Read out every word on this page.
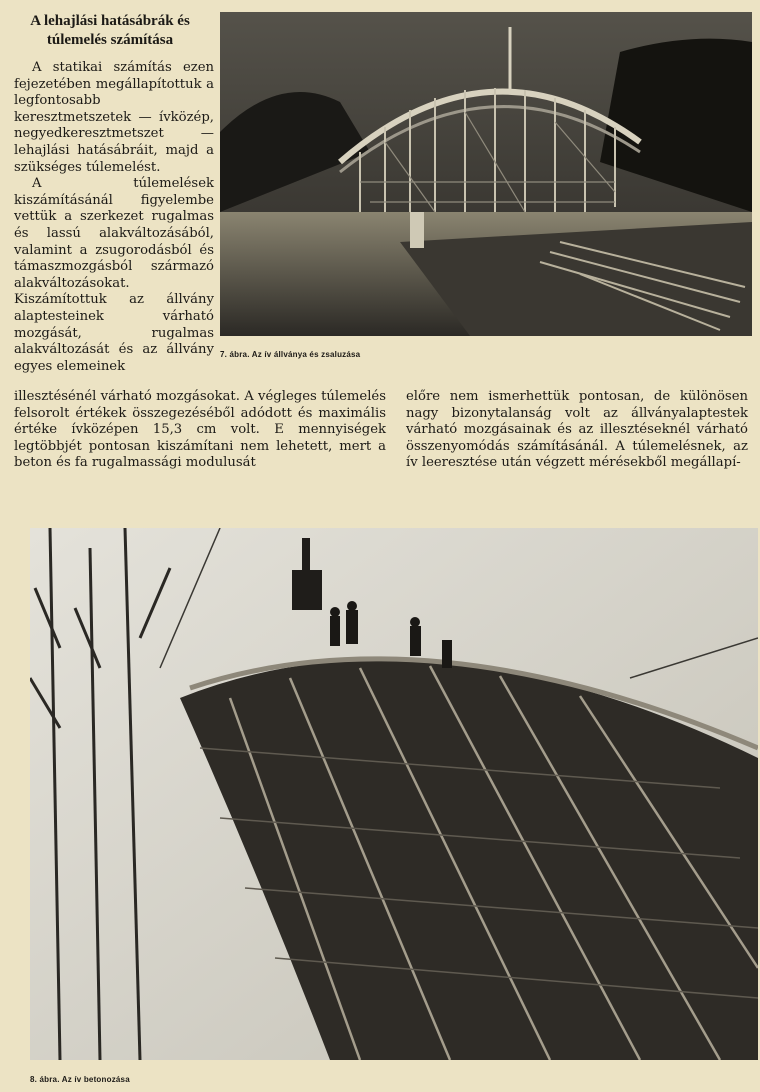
A lehajlási hatásábrák és
túlemelés számítása

A statikai számítás ezen fejezetében megállapítottuk a legfontosabb keresztmetszetek — ívközép, negyedkeresztmetszet — lehajlási hatásábráit, majd a szükséges túlemelést.

A túlemelések kiszámításánál figyelembe vettük a szerkezet rugalmas és lassú alakváltozásából, valamint a zsugorodásból és támaszmozgásból származó alakváltozásokat. Kiszámítottuk az állvány alaptesteinek várható mozgását, rugalmas alakváltozását és az állvány egyes elemeinek

7. ábra. Az ív állványa és zsaluzása

illesztésénél várható mozgásokat. A végleges túlemelés felsorolt értékek összegezéséből adódott és maximális értéke ívközépen 15,3 cm volt. E mennyiségek legtöbbjét pontosan kiszámítani nem lehetett, mert a beton és fa rugalmassági modulusát

előre nem ismerhettük pontosan, de különösen nagy bizonytalanság volt az állványalaptestek várható mozgásainak és az illesztéseknél várható összenyomódás számításánál. A túlemelésnek, az ív leeresztése után végzett mérésekből megállapí-

8. ábra. Az ív betonozása
